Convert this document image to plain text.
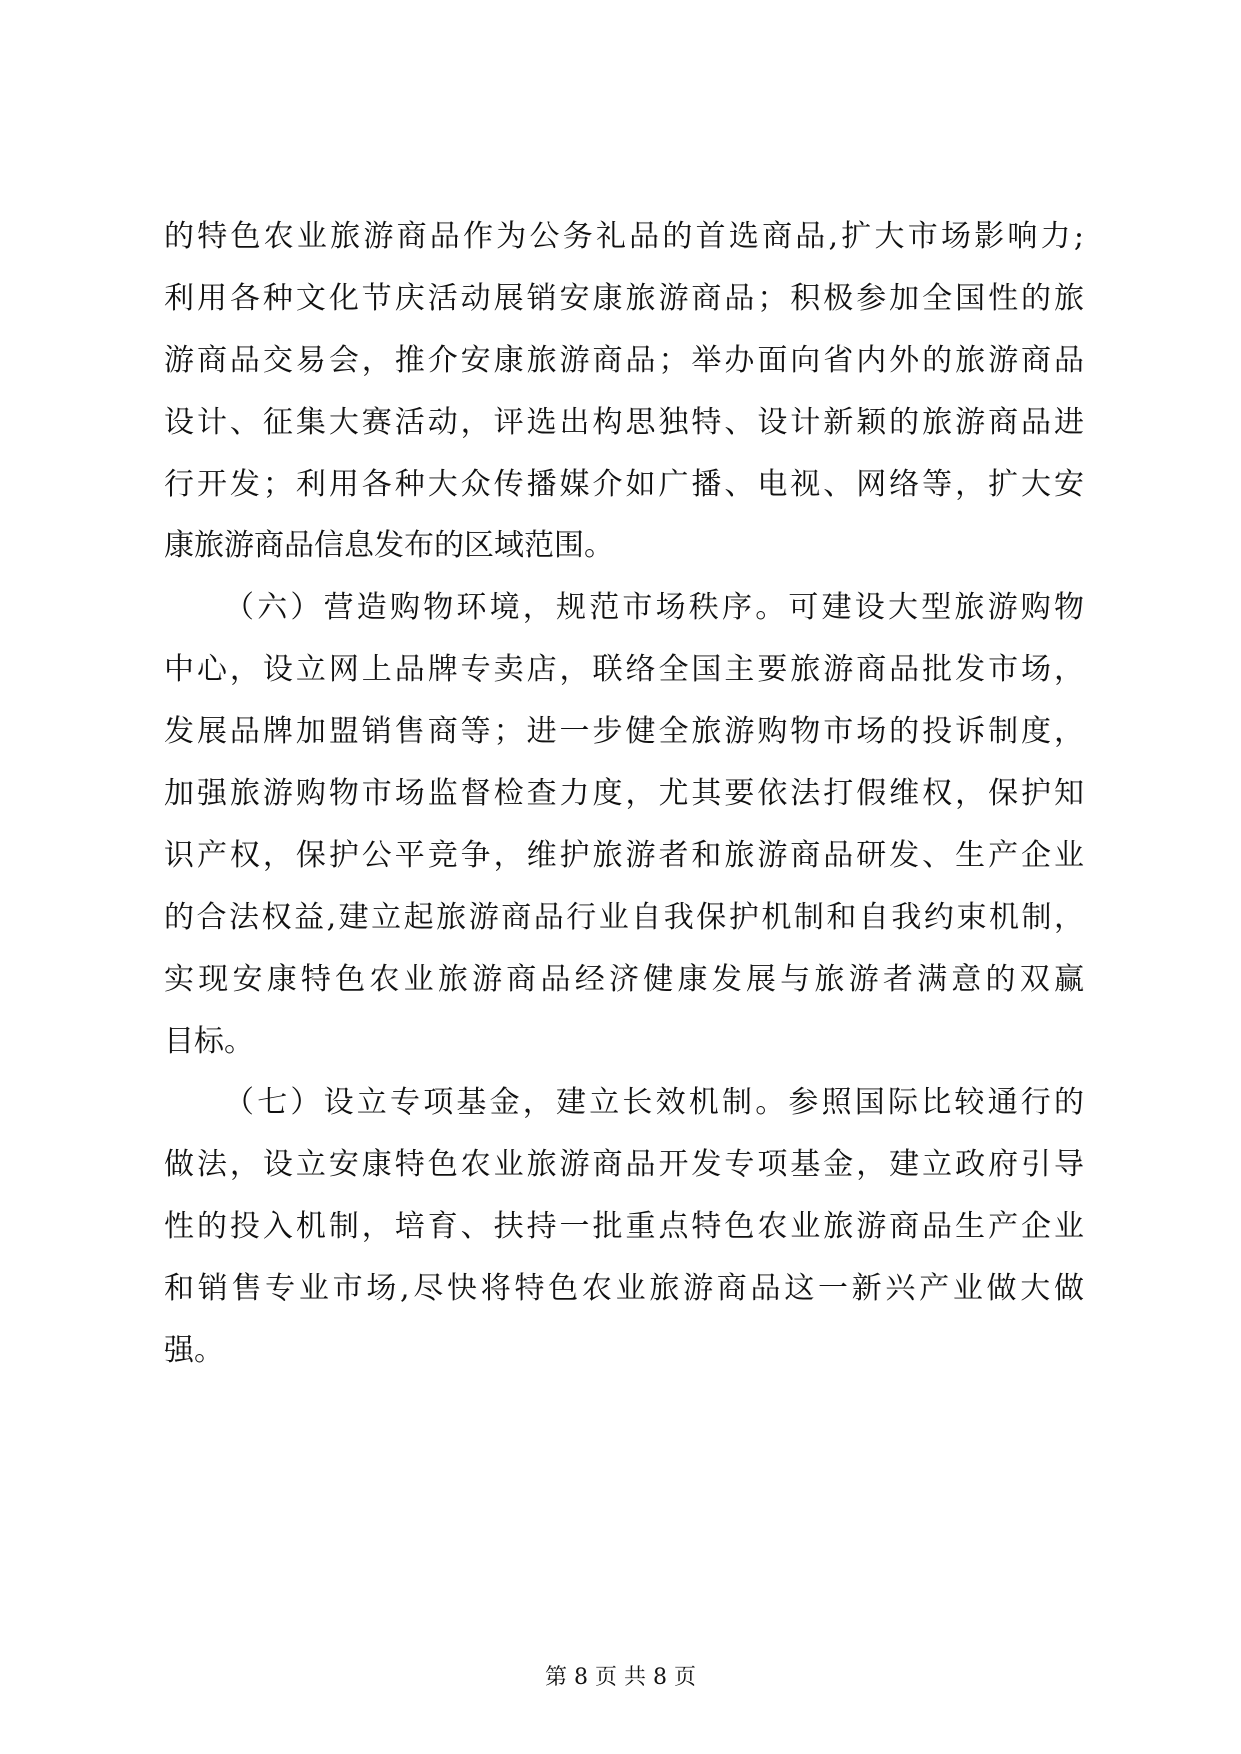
的特色农业旅游商品作为公务礼品的首选商品,扩大市场影响力;
利用各种文化节庆活动展销安康旅游商品；积极参加全国性的旅
游商品交易会，推介安康旅游商品；举办面向省内外的旅游商品
设计、征集大赛活动，评选出构思独特、设计新颖的旅游商品进
行开发；利用各种大众传播媒介如广播、电视、网络等，扩大安
康旅游商品信息发布的区域范围。
（六）营造购物环境，规范市场秩序。可建设大型旅游购物
中心，设立网上品牌专卖店，联络全国主要旅游商品批发市场，
发展品牌加盟销售商等；进一步健全旅游购物市场的投诉制度，
加强旅游购物市场监督检查力度，尤其要依法打假维权，保护知
识产权，保护公平竞争，维护旅游者和旅游商品研发、生产企业
的合法权益,建立起旅游商品行业自我保护机制和自我约束机制，
实现安康特色农业旅游商品经济健康发展与旅游者满意的双赢
目标。
（七）设立专项基金，建立长效机制。参照国际比较通行的
做法，设立安康特色农业旅游商品开发专项基金，建立政府引导
性的投入机制，培育、扶持一批重点特色农业旅游商品生产企业
和销售专业市场,尽快将特色农业旅游商品这一新兴产业做大做
强。
第 8 页 共 8 页
